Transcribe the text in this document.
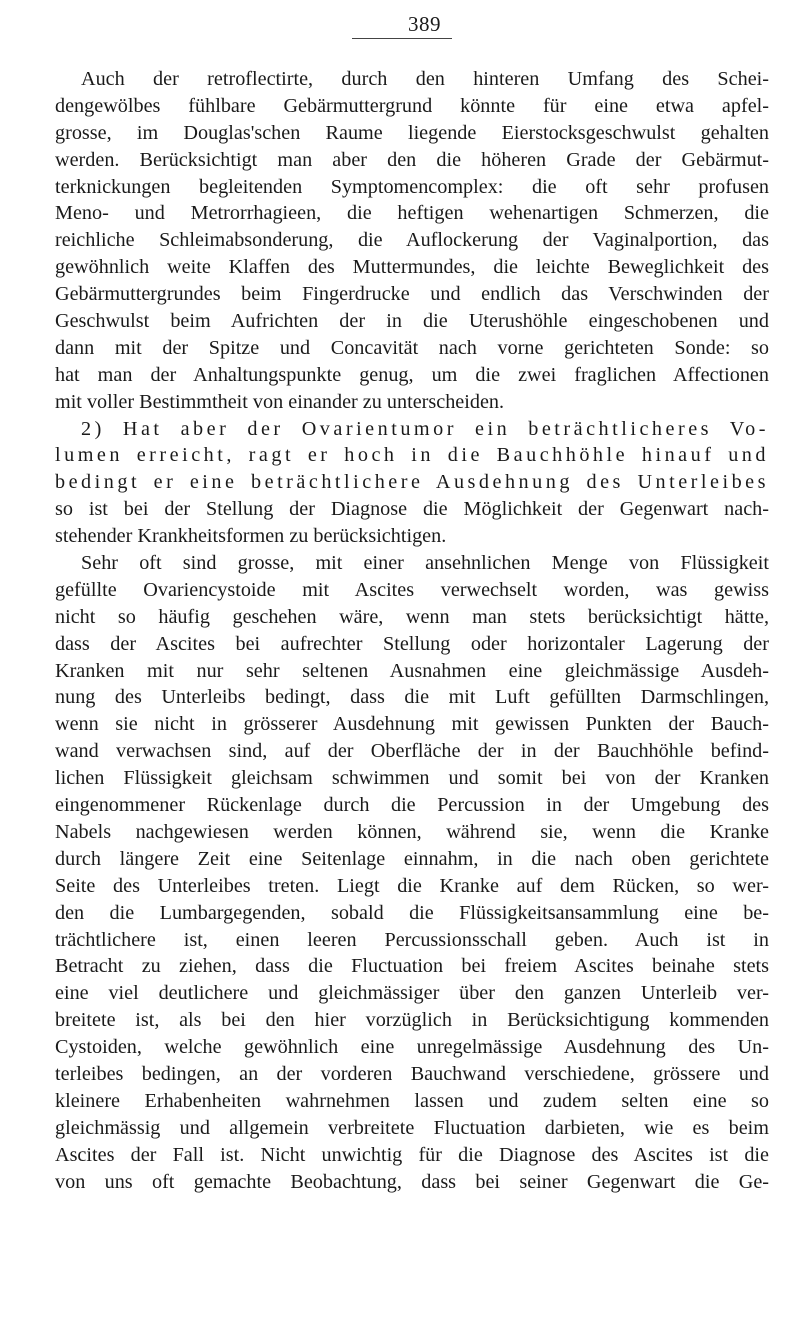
389
Auch der retroflectirte, durch den hinteren Umfang des Schei-
dengewölbes fühlbare Gebärmuttergrund könnte für eine etwa apfel-
grosse, im Douglas'schen Raume liegende Eierstocksgeschwulst gehalten
werden. Berücksichtigt man aber den die höheren Grade der Gebärmut-
terknickungen begleitenden Symptomencomplex: die oft sehr profusen
Meno- und Metrorrhagieen, die heftigen wehenartigen Schmerzen, die
reichliche Schleimabsonderung, die Auflockerung der Vaginalportion, das
gewöhnlich weite Klaffen des Muttermundes, die leichte Beweglichkeit des
Gebärmuttergrundes beim Fingerdrucke und endlich das Verschwinden der
Geschwulst beim Aufrichten der in die Uterushöhle eingeschobenen und
dann mit der Spitze und Concavität nach vorne gerichteten Sonde: so
hat man der Anhaltungspunkte genug, um die zwei fraglichen Affectionen
mit voller Bestimmtheit von einander zu unterscheiden.
2) Hat aber der Ovarientumor ein beträchtlicheres Vo-
lumen erreicht, ragt er hoch in die Bauchhöhle hinauf und
bedingt er eine beträchtlichere Ausdehnung des Unterleibes
so ist bei der Stellung der Diagnose die Möglichkeit der Gegenwart nach-
stehender Krankheitsformen zu berücksichtigen.
Sehr oft sind grosse, mit einer ansehnlichen Menge von Flüssigkeit
gefüllte Ovariencystoide mit Ascites verwechselt worden, was gewiss
nicht so häufig geschehen wäre, wenn man stets berücksichtigt hätte,
dass der Ascites bei aufrechter Stellung oder horizontaler Lagerung der
Kranken mit nur sehr seltenen Ausnahmen eine gleichmässige Ausdeh-
nung des Unterleibs bedingt, dass die mit Luft gefüllten Darmschlingen,
wenn sie nicht in grösserer Ausdehnung mit gewissen Punkten der Bauch-
wand verwachsen sind, auf der Oberfläche der in der Bauchhöhle befind-
lichen Flüssigkeit gleichsam schwimmen und somit bei von der Kranken
eingenommener Rückenlage durch die Percussion in der Umgebung des
Nabels nachgewiesen werden können, während sie, wenn die Kranke
durch längere Zeit eine Seitenlage einnahm, in die nach oben gerichtete
Seite des Unterleibes treten. Liegt die Kranke auf dem Rücken, so wer-
den die Lumbargegenden, sobald die Flüssigkeitsansammlung eine be-
trächtlichere ist, einen leeren Percussionsschall geben. Auch ist in
Betracht zu ziehen, dass die Fluctuation bei freiem Ascites beinahe stets
eine viel deutlichere und gleichmässiger über den ganzen Unterleib ver-
breitete ist, als bei den hier vorzüglich in Berücksichtigung kommenden
Cystoiden, welche gewöhnlich eine unregelmässige Ausdehnung des Un-
terleibes bedingen, an der vorderen Bauchwand verschiedene, grössere und
kleinere Erhabenheiten wahrnehmen lassen und zudem selten eine so
gleichmässig und allgemein verbreitete Fluctuation darbieten, wie es beim
Ascites der Fall ist. Nicht unwichtig für die Diagnose des Ascites ist die
von uns oft gemachte Beobachtung, dass bei seiner Gegenwart die Ge-
